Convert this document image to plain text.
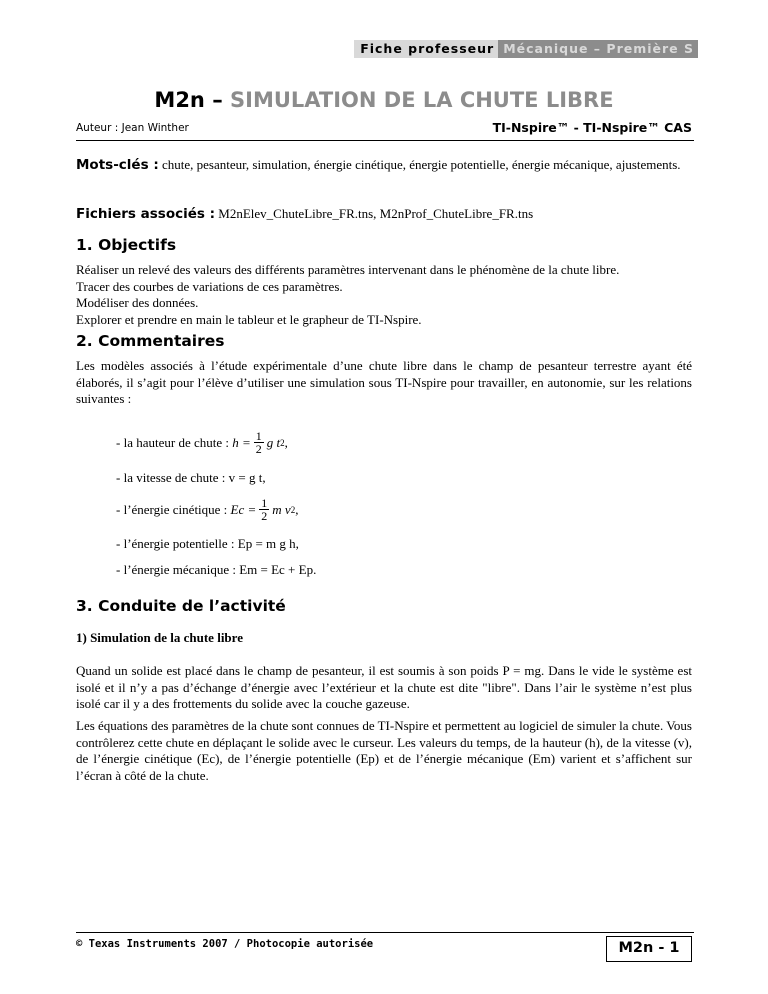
Fiche professeur Mécanique – Première S
M2n – SIMULATION DE LA CHUTE LIBRE
Auteur : Jean Winther	TI-Nspire™ - TI-Nspire™ CAS

Mots-clés : chute, pesanteur, simulation, énergie cinétique, énergie potentielle, énergie mécanique, ajustements.

Fichiers associés : M2nElev_ChuteLibre_FR.tns, M2nProf_ChuteLibre_FR.tns

1. Objectifs
Réaliser un relevé des valeurs des différents paramètres intervenant dans le phénomène de la chute libre.
Tracer des courbes de variations de ces paramètres.
Modéliser des données.
Explorer et prendre en main le tableur et le grapheur de TI-Nspire.
2. Commentaires

Les modèles associés à l’étude expérimentale d’une chute libre dans le champ de pesanteur terrestre ayant été élaborés, il s’agit pour l’élève d’utiliser une simulation sous TI-Nspire pour travailler, en autonomie, sur les relations suivantes :

- la hauteur de chute :
$h = \frac{1}{2}$ g t 2 ,
- la vitesse de chute : v = g t,
- l’énergie cinétique :
$Ec = \frac{1}{2}$ m v 2 ,
- l’énergie potentielle : Ep = m g h,
- l’énergie mécanique : Em = Ec + Ep.
3. Conduite de l’activité
1) Simulation de la chute libre

Quand un solide est placé dans le champ de pesanteur, il est soumis à son poids P = mg. Dans le vide le système est isolé et il n’y a pas d’échange d’énergie avec l’extérieur et la chute est dite "libre". Dans l’air le système n’est plus isolé car il y a des frottements du solide avec la couche gazeuse.

Les équations des paramètres de la chute sont connues de TI-Nspire et permettent au logiciel de simuler la chute. Vous contrôlerez cette chute en déplaçant le solide avec le curseur. Les valeurs du temps, de la hauteur (h), de la vitesse (v), de l’énergie cinétique (Ec), de l’énergie potentielle (Ep) et de l’énergie mécanique (Em) varient et s’affichent sur l’écran à côté de la chute.

© Texas Instruments 2007 / Photocopie autorisée	M2n - 1
